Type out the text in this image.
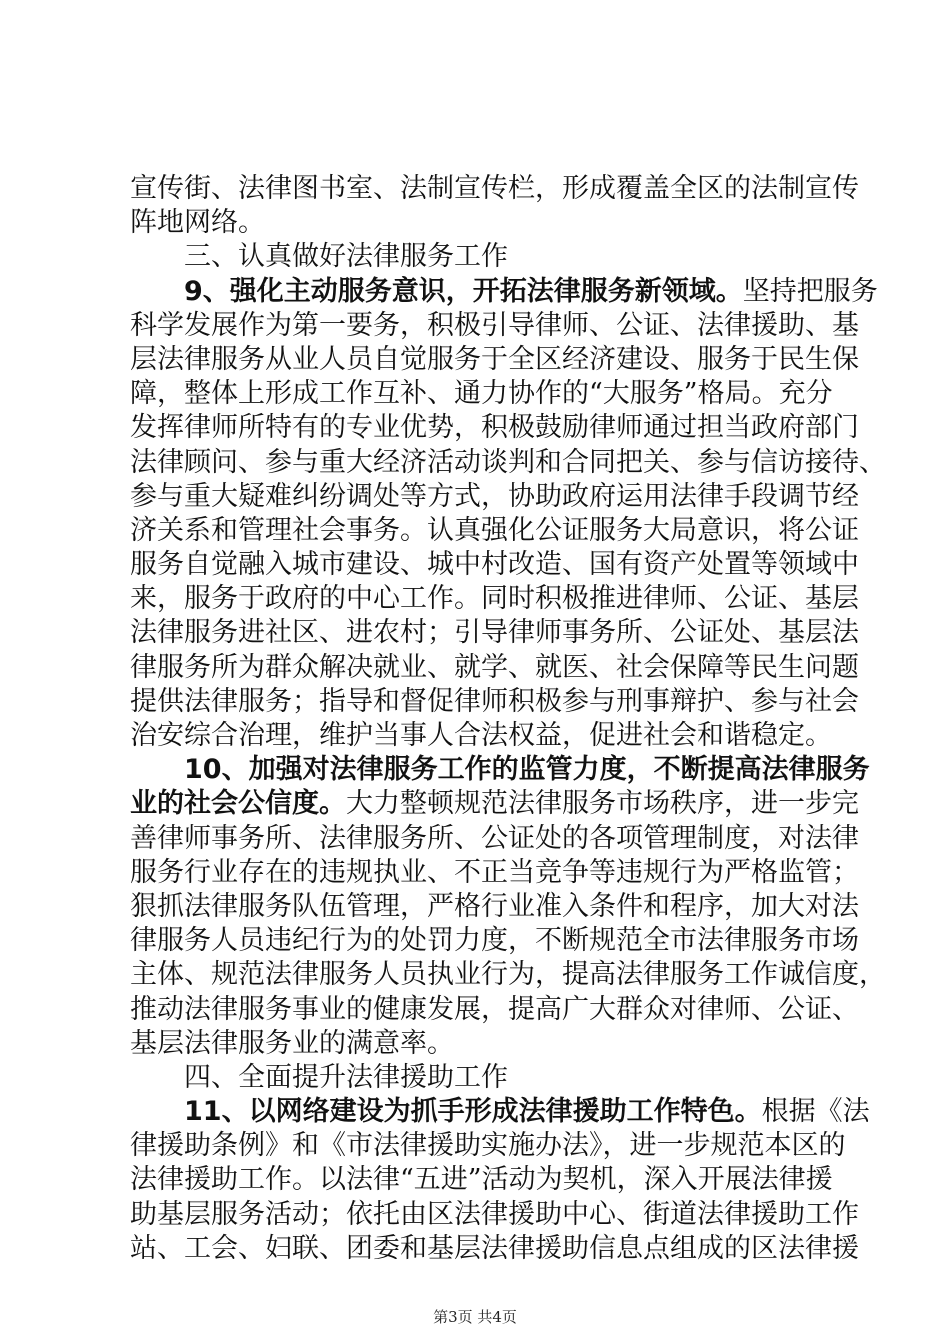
宣传街、法律图书室、法制宣传栏，形成覆盖全区的法制宣传

阵地网络。

三、认真做好法律服务工作

9、强化主动服务意识，开拓法律服务新领域。坚持把服务

科学发展作为第一要务，积极引导律师、公证、法律援助、基

层法律服务从业人员自觉服务于全区经济建设、服务于民生保

障，整体上形成工作互补、通力协作的“大服务”格局。充分

发挥律师所特有的专业优势，积极鼓励律师通过担当政府部门

法律顾问、参与重大经济活动谈判和合同把关、参与信访接待、

参与重大疑难纠纷调处等方式，协助政府运用法律手段调节经

济关系和管理社会事务。认真强化公证服务大局意识，将公证

服务自觉融入城市建设、城中村改造、国有资产处置等领域中

来，服务于政府的中心工作。同时积极推进律师、公证、基层

法律服务进社区、进农村；引导律师事务所、公证处、基层法

律服务所为群众解决就业、就学、就医、社会保障等民生问题

提供法律服务；指导和督促律师积极参与刑事辩护、参与社会

治安综合治理，维护当事人合法权益，促进社会和谐稳定。

10、加强对法律服务工作的监管力度，不断提高法律服务

业的社会公信度。大力整顿规范法律服务市场秩序，进一步完

善律师事务所、法律服务所、公证处的各项管理制度，对法律

服务行业存在的违规执业、不正当竞争等违规行为严格监管；

狠抓法律服务队伍管理，严格行业准入条件和程序，加大对法

律服务人员违纪行为的处罚力度，不断规范全市法律服务市场

主体、规范法律服务人员执业行为，提高法律服务工作诚信度，

推动法律服务事业的健康发展，提高广大群众对律师、公证、

基层法律服务业的满意率。

四、全面提升法律援助工作

11、以网络建设为抓手形成法律援助工作特色。根据《法

律援助条例》和《市法律援助实施办法》，进一步规范本区的

法律援助工作。以法律“五进”活动为契机，深入开展法律援

助基层服务活动；依托由区法律援助中心、街道法律援助工作

站、工会、妇联、团委和基层法律援助信息点组成的区法律援

第3页 共4页
